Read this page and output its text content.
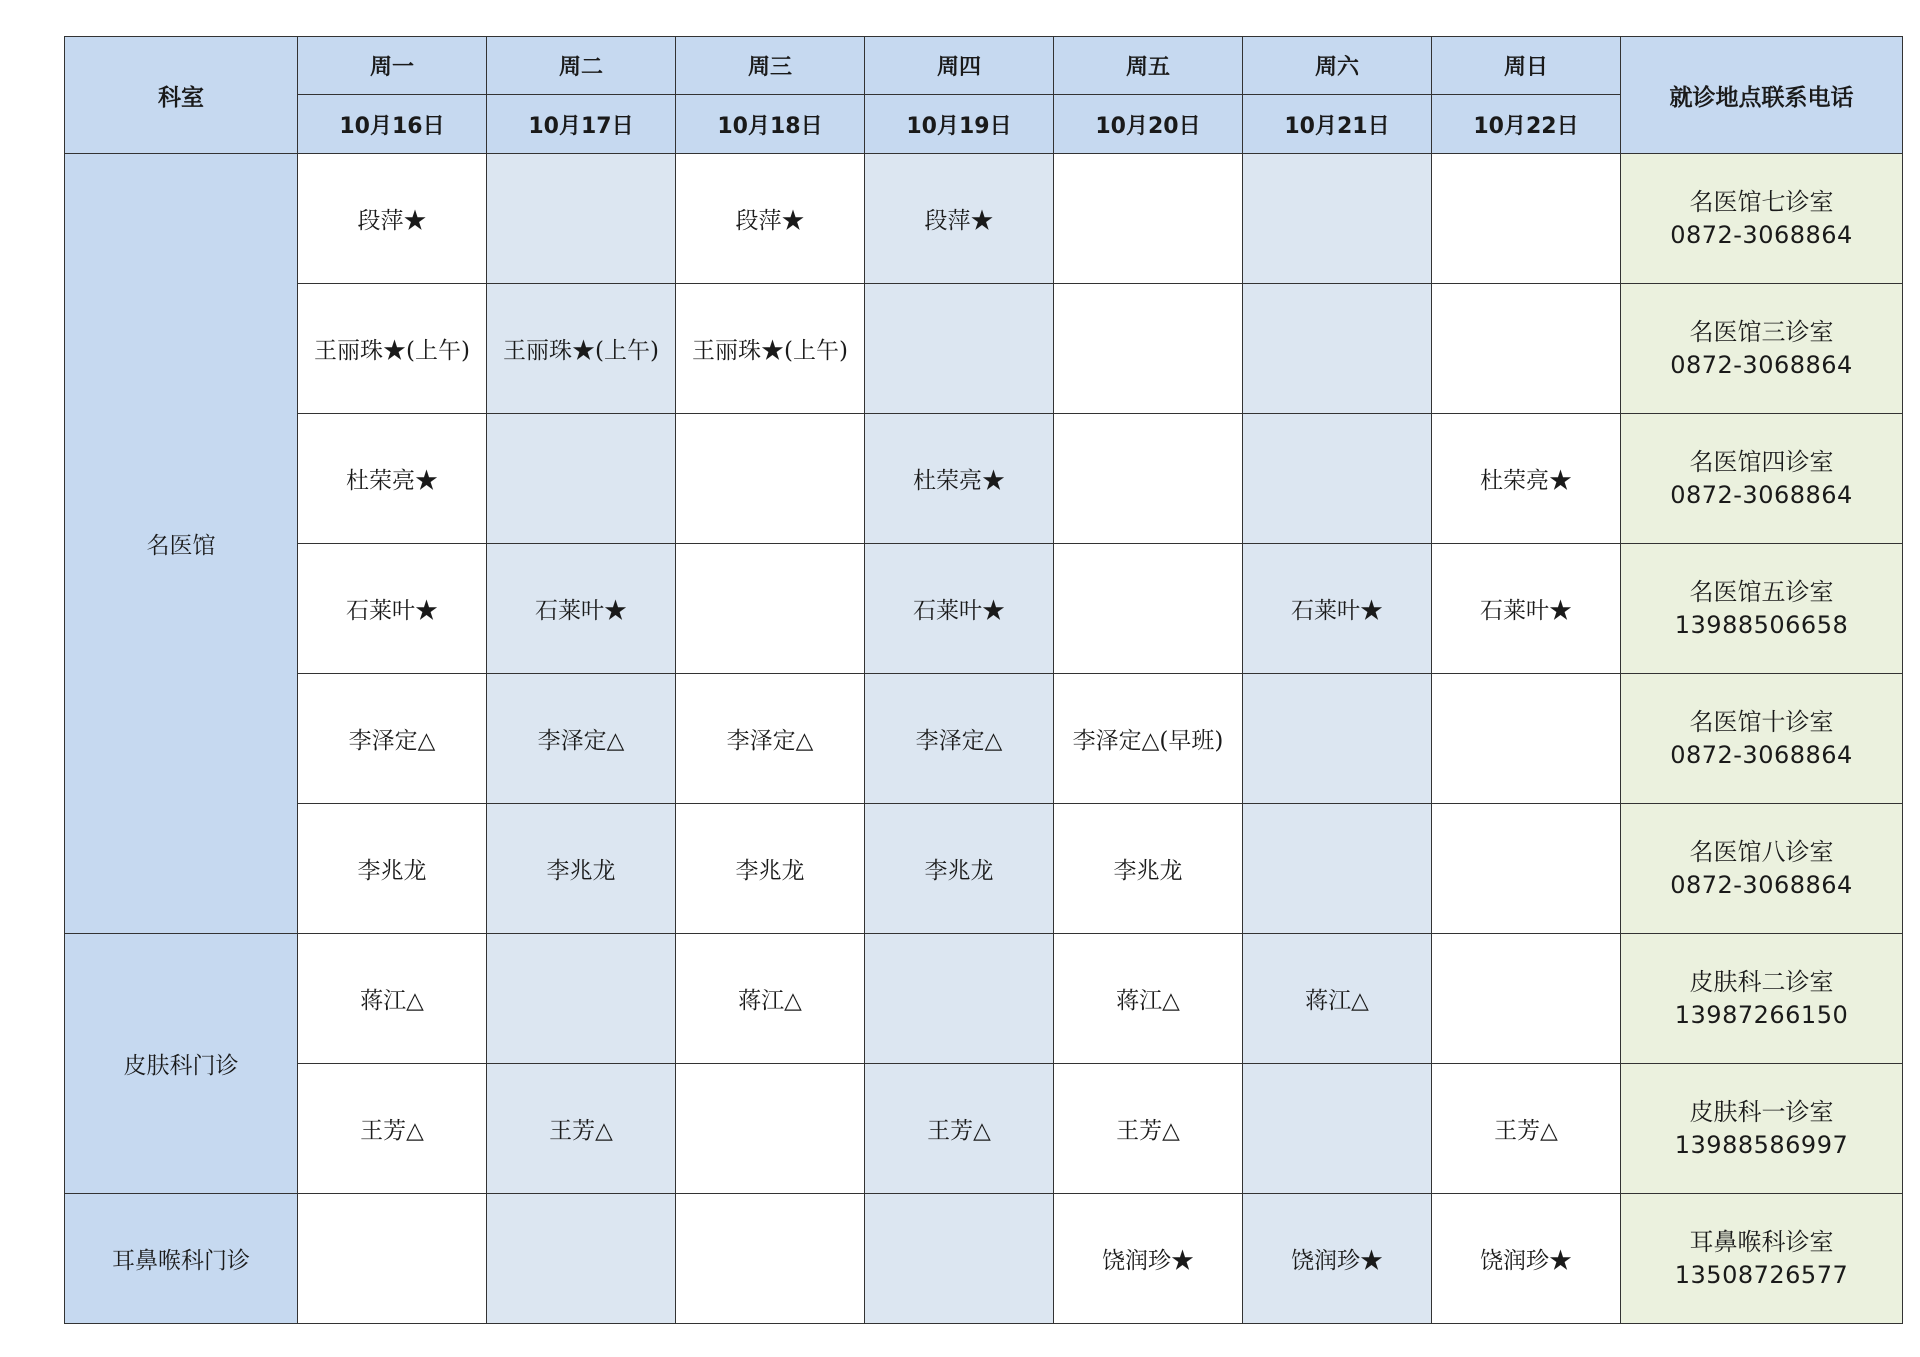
科室	周一	周二	周三	周四	周五	周六	周日	就诊地点联系电话
	10月16日	10月17日	10月18日	10月19日	10月20日	10月21日	10月22日	
名医馆	段萍★		段萍★	段萍★				名医馆七诊室
0872-3068864

	王丽珠★(上午)	王丽珠★(上午)	王丽珠★(上午)					名医馆三诊室
0872-3068864

	杜荣亮★			杜荣亮★			杜荣亮★	名医馆四诊室
0872-3068864

	石莱叶★	石莱叶★		石莱叶★		石莱叶★	石莱叶★	名医馆五诊室
13988506658

	李泽定△	李泽定△	李泽定△	李泽定△	李泽定△(早班)			名医馆十诊室
0872-3068864

	李兆龙	李兆龙	李兆龙	李兆龙	李兆龙			名医馆八诊室
0872-3068864

皮肤科门诊	蒋江△		蒋江△		蒋江△	蒋江△		皮肤科二诊室
13987266150

	王芳△	王芳△		王芳△	王芳△		王芳△	皮肤科一诊室
13988586997

耳鼻喉科门诊					饶润珍★	饶润珍★	饶润珍★	耳鼻喉科诊室
13508726577
